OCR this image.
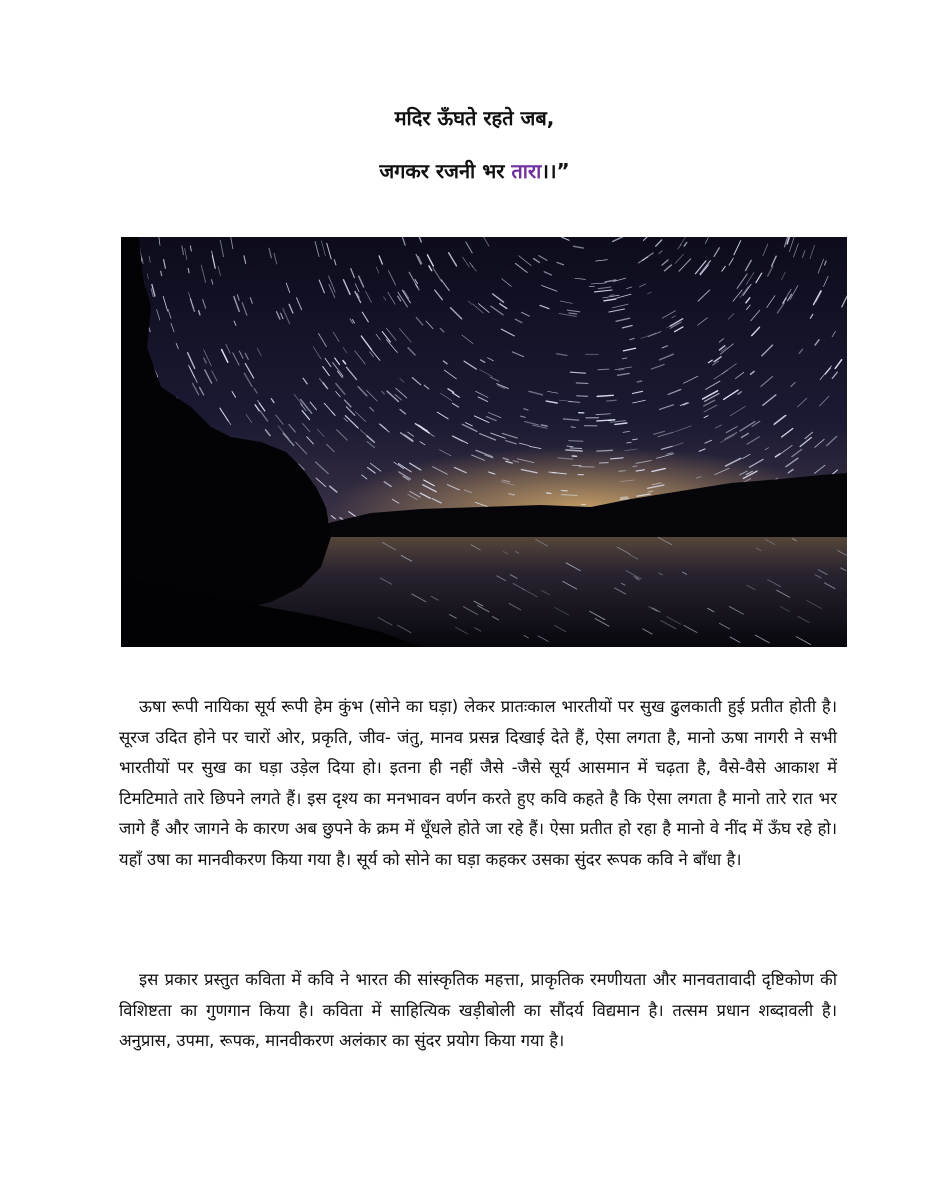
मदिर ऊँघते रहते जब,
जगकर रजनी भर तारा।।”

ऊषा रूपी नायिका सूर्य रूपी हेम कुंभ (सोने का घड़ा) लेकर प्रातःकाल भारतीयों पर सुख ढुलकाती हुई प्रतीत होती है। सूरज उदित होने पर चारों ओर, प्रकृति, जीव- जंतु, मानव प्रसन्न दिखाई देते हैं, ऐसा लगता है, मानो ऊषा नागरी ने सभी भारतीयों पर सुख का घड़ा उड़ेल दिया हो। इतना ही नहीं जैसे -जैसे सूर्य आसमान में चढ़ता है, वैसे-वैसे आकाश में टिमटिमाते तारे छिपने लगते हैं। इस दृश्य का मनभावन वर्णन करते हुए कवि कहते है कि ऐसा लगता है मानो तारे रात भर जागे हैं और जागने के कारण अब छुपने के क्रम में धूँधले होते जा रहे हैं। ऐसा प्रतीत हो रहा है मानो वे नींद में ऊँघ रहे हो। यहाँ उषा का मानवीकरण किया गया है। सूर्य को सोने का घड़ा कहकर उसका सुंदर रूपक कवि ने बाँधा है।

इस प्रकार प्रस्तुत कविता में कवि ने भारत की सांस्कृतिक महत्ता, प्राकृतिक रमणीयता और मानवतावादी दृष्टिकोण की विशिष्टता का गुणगान किया है। कविता में साहित्यिक खड़ीबोली का सौंदर्य विद्यमान है। तत्सम प्रधान शब्दावली है। अनुप्रास, उपमा, रूपक, मानवीकरण अलंकार का सुंदर प्रयोग किया गया है।
